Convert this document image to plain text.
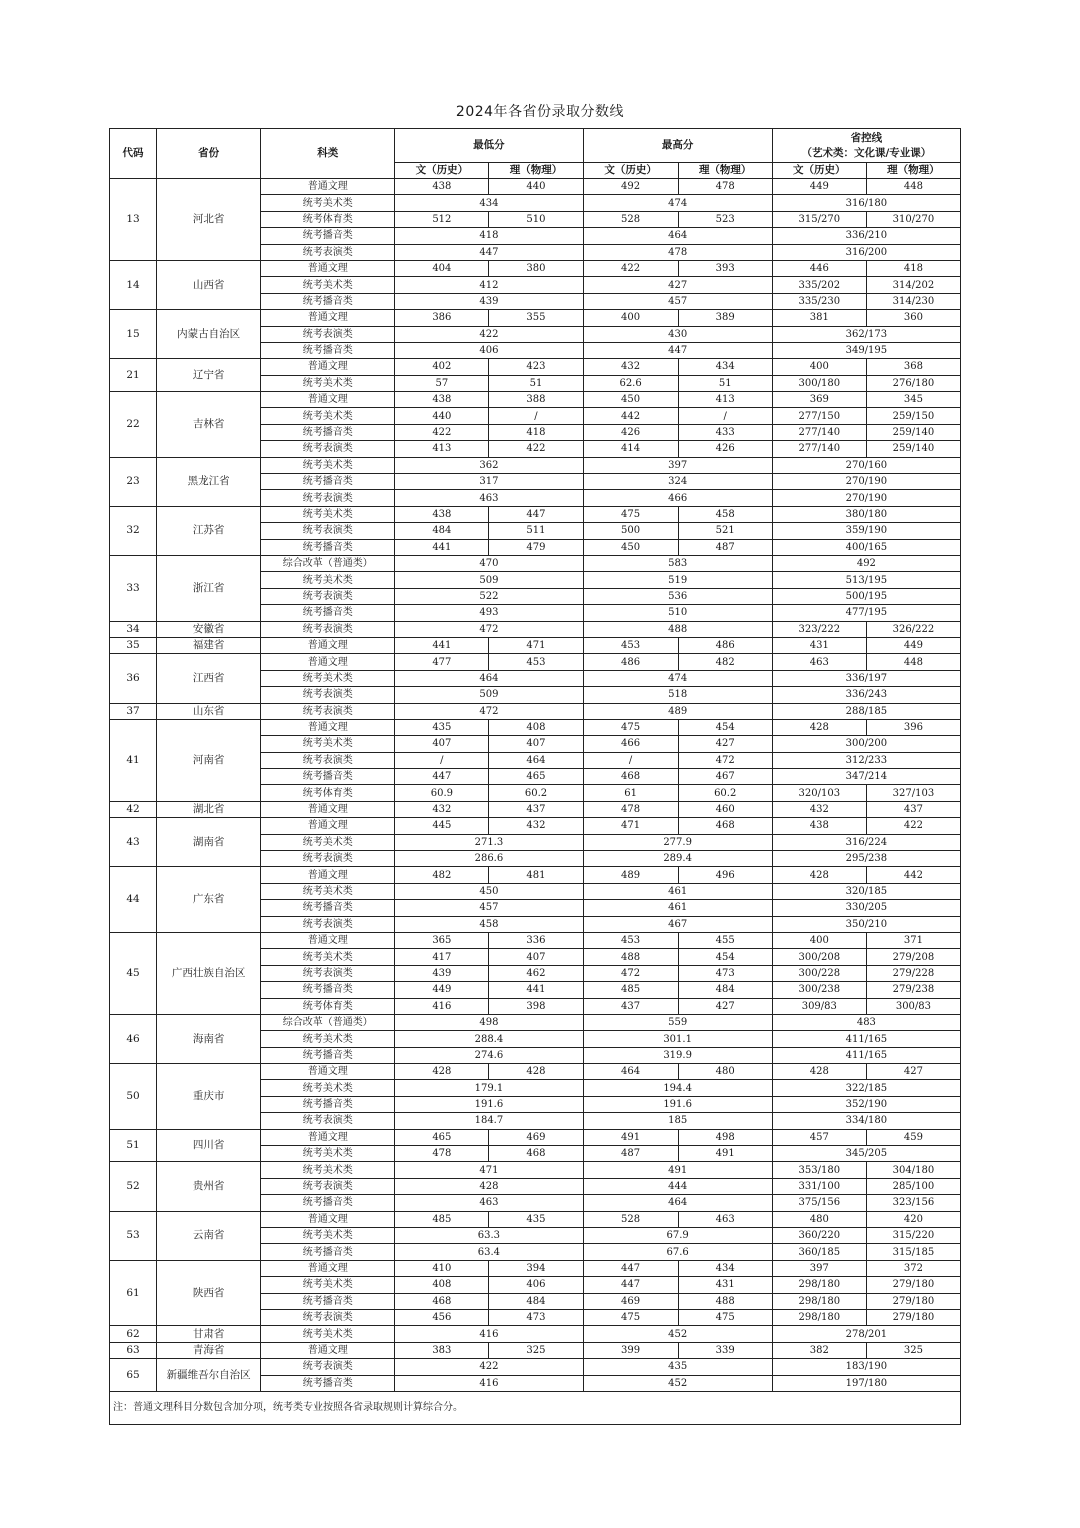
2024年各省份录取分数线
代码	省份	科类	最低分		最高分		省控线
（艺术类：文化课/专业课）	

			文（历史）	理（物理）	文（历史）	理（物理）	文（历史）	理（物理）
13	河北省	普通文理	438	440	492	478	449	448
		统考美术类	434		474		316/180	
		统考体育类	512	510	528	523	315/270	310/270
		统考播音类	418		464		336/210	
		统考表演类	447		478		316/200	
14	山西省	普通文理	404	380	422	393	446	418
		统考美术类	412		427		335/202	314/202
		统考播音类	439		457		335/230	314/230
15	内蒙古自治区	普通文理	386	355	400	389	381	360
		统考表演类	422		430		362/173	
		统考播音类	406		447		349/195	
21	辽宁省	普通文理	402	423	432	434	400	368
		统考美术类	57	51	62.6	51	300/180	276/180
22	吉林省	普通文理	438	388	450	413	369	345
		统考美术类	440	/	442	/	277/150	259/150
		统考播音类	422	418	426	433	277/140	259/140
		统考表演类	413	422	414	426	277/140	259/140
23	黑龙江省	统考美术类	362		397		270/160	
		统考播音类	317		324		270/190	
		统考表演类	463		466		270/190	
32	江苏省	统考美术类	438	447	475	458	380/180	
		统考表演类	484	511	500	521	359/190	
		统考播音类	441	479	450	487	400/165	
33	浙江省	综合改革（普通类）	470		583		492	
		统考美术类	509		519		513/195	
		统考表演类	522		536		500/195	
		统考播音类	493		510		477/195	
34	安徽省	统考表演类	472		488		323/222	326/222
35	福建省	普通文理	441	471	453	486	431	449
36	江西省	普通文理	477	453	486	482	463	448
		统考美术类	464		474		336/197	
		统考表演类	509		518		336/243	
37	山东省	统考表演类	472		489		288/185	
41	河南省	普通文理	435	408	475	454	428	396
		统考美术类	407	407	466	427	300/200	
		统考表演类	/	464	/	472	312/233	
		统考播音类	447	465	468	467	347/214	
		统考体育类	60.9	60.2	61	60.2	320/103	327/103
42	湖北省	普通文理	432	437	478	460	432	437
43	湖南省	普通文理	445	432	471	468	438	422
		统考美术类	271.3		277.9		316/224	
		统考表演类	286.6		289.4		295/238	
44	广东省	普通文理	482	481	489	496	428	442
		统考美术类	450		461		320/185	
		统考播音类	457		461		330/205	
		统考表演类	458		467		350/210	
45	广西壮族自治区	普通文理	365	336	453	455	400	371
		统考美术类	417	407	488	454	300/208	279/208
		统考表演类	439	462	472	473	300/228	279/228
		统考播音类	449	441	485	484	300/238	279/238
		统考体育类	416	398	437	427	309/83	300/83
46	海南省	综合改革（普通类）	498		559		483	
		统考美术类	288.4		301.1		411/165	
		统考播音类	274.6		319.9		411/165	
50	重庆市	普通文理	428	428	464	480	428	427
		统考美术类	179.1		194.4		322/185	
		统考播音类	191.6		191.6		352/190	
		统考表演类	184.7		185		334/180	
51	四川省	普通文理	465	469	491	498	457	459
		统考美术类	478	468	487	491	345/205	
52	贵州省	统考美术类	471		491		353/180	304/180
		统考表演类	428		444		331/100	285/100
		统考播音类	463		464		375/156	323/156
53	云南省	普通文理	485	435	528	463	480	420
		统考美术类	63.3		67.9		360/220	315/220
		统考播音类	63.4		67.6		360/185	315/185
61	陕西省	普通文理	410	394	447	434	397	372
		统考美术类	408	406	447	431	298/180	279/180
		统考播音类	468	484	469	488	298/180	279/180
		统考表演类	456	473	475	475	298/180	279/180
62	甘肃省	统考美术类	416		452		278/201	
63	青海省	普通文理	383	325	399	339	382	325
65	新疆维吾尔自治区	统考表演类	422		435		183/190	
		统考播音类	416		452		197/180	
注：普通文理科目分数包含加分项，统考类专业按照各省录取规则计算综合分。								
